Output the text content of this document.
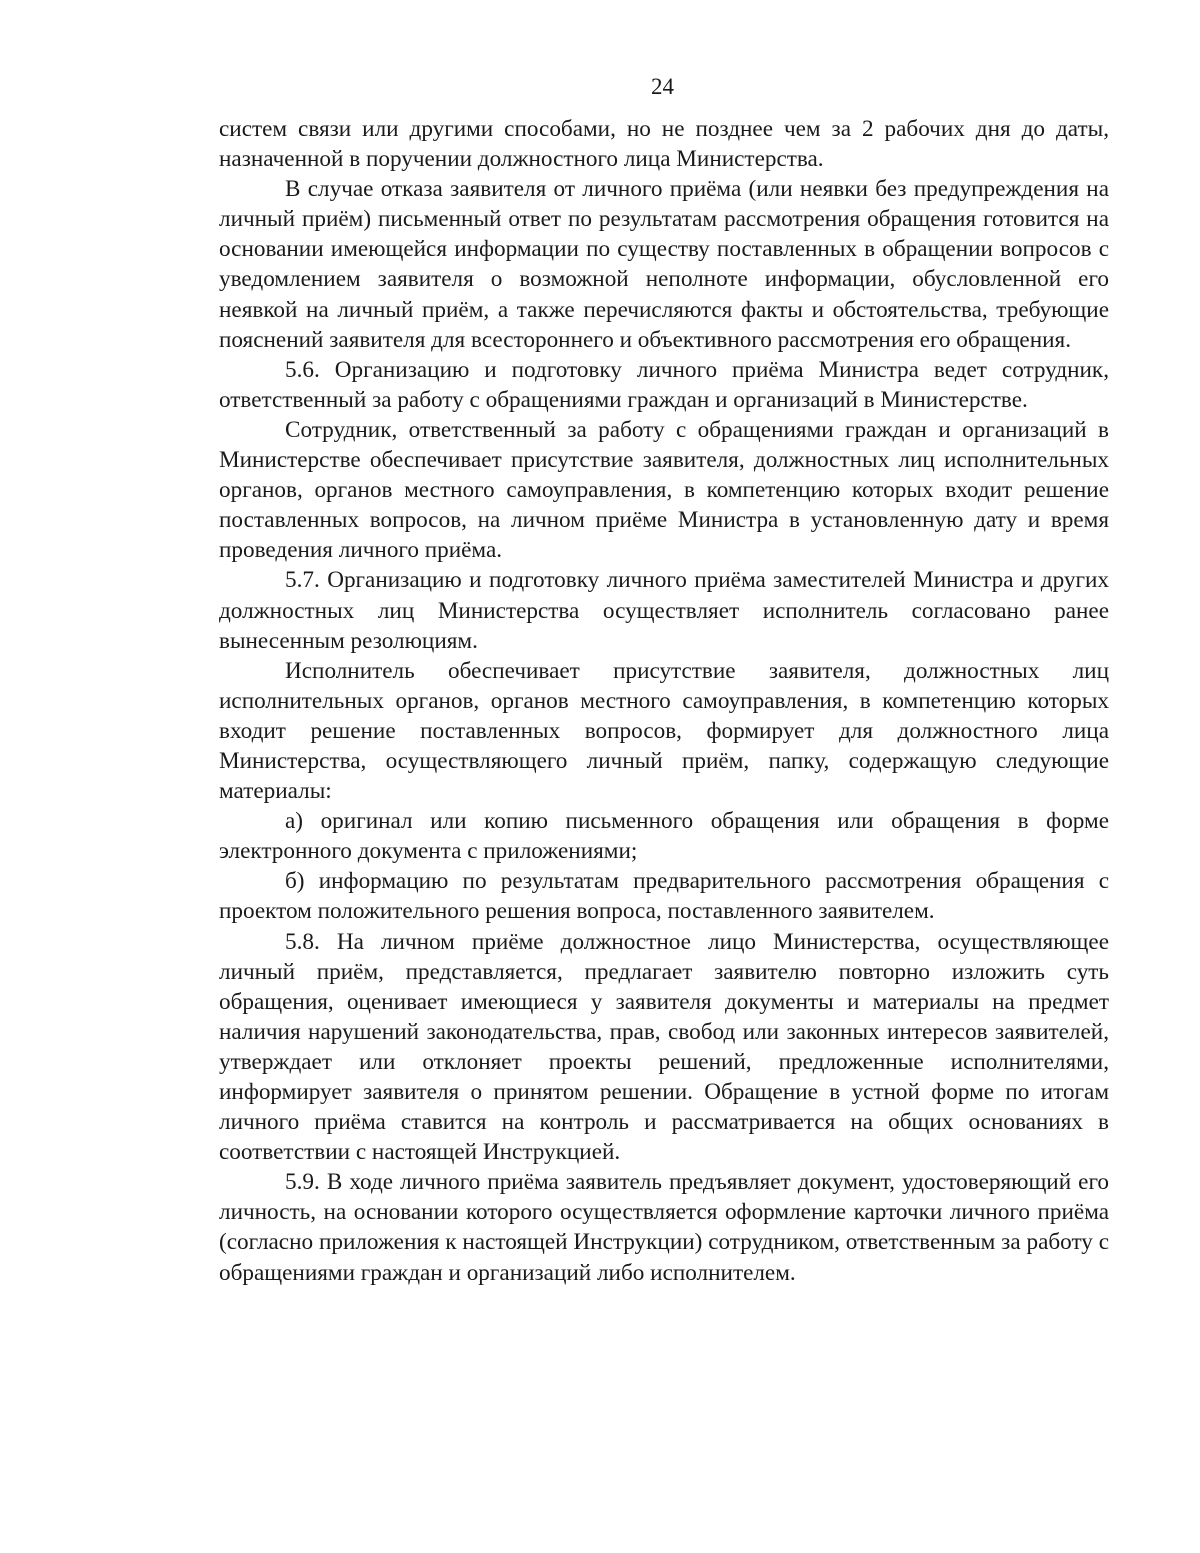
24

систем связи или другими способами, но не позднее чем за 2 рабочих дня до даты, назначенной в поручении должностного лица Министерства.

В случае отказа заявителя от личного приёма (или неявки без предупреждения на личный приём) письменный ответ по результатам рассмотрения обращения готовится на основании имеющейся информации по существу поставленных в обращении вопросов с уведомлением заявителя о возможной неполноте информации, обусловленной его неявкой на личный приём, а также перечисляются факты и обстоятельства, требующие пояснений заявителя для всестороннего и объективного рассмотрения его обращения.

5.6. Организацию и подготовку личного приёма Министра ведет сотрудник, ответственный за работу с обращениями граждан и организаций в Министерстве.

Сотрудник, ответственный за работу с обращениями граждан и организаций в Министерстве обеспечивает присутствие заявителя, должностных лиц исполнительных органов, органов местного самоуправления, в компетенцию которых входит решение поставленных вопросов, на личном приёме Министра в установленную дату и время проведения личного приёма.

5.7. Организацию и подготовку личного приёма заместителей Министра и других должностных лиц Министерства осуществляет исполнитель согласовано ранее вынесенным резолюциям.

Исполнитель обеспечивает присутствие заявителя, должностных лиц исполнительных органов, органов местного самоуправления, в компетенцию которых входит решение поставленных вопросов, формирует для должностного лица Министерства, осуществляющего личный приём, папку, содержащую следующие материалы:

а) оригинал или копию письменного обращения или обращения в форме электронного документа с приложениями;

б) информацию по результатам предварительного рассмотрения обращения с проектом положительного решения вопроса, поставленного заявителем.

5.8. На личном приёме должностное лицо Министерства, осуществляющее личный приём, представляется, предлагает заявителю повторно изложить суть обращения, оценивает имеющиеся у заявителя документы и материалы на предмет наличия нарушений законодательства, прав, свобод или законных интересов заявителей, утверждает или отклоняет проекты решений, предложенные исполнителями, информирует заявителя о принятом решении. Обращение в устной форме по итогам личного приёма ставится на контроль и рассматривается на общих основаниях в соответствии с настоящей Инструкцией.

5.9. В ходе личного приёма заявитель предъявляет документ, удостоверяющий его личность, на основании которого осуществляется оформление карточки личного приёма (согласно приложения к настоящей Инструкции) сотрудником, ответственным за работу с обращениями граждан и организаций либо исполнителем.
